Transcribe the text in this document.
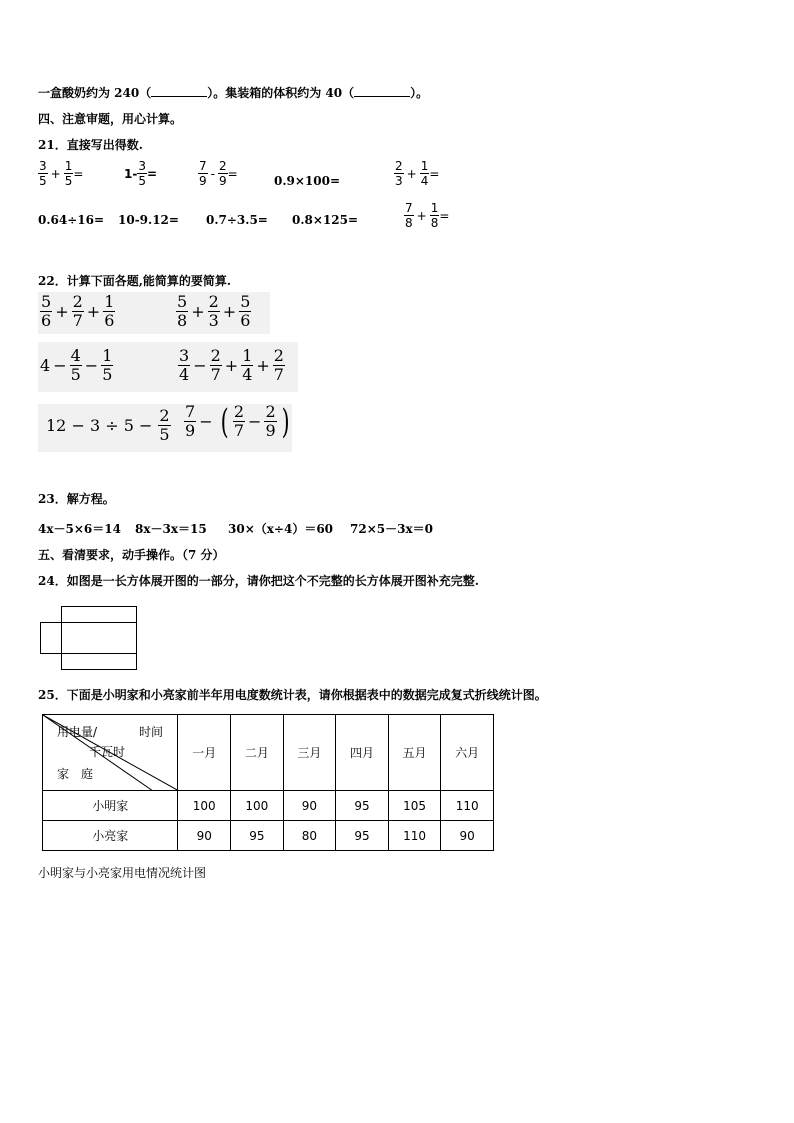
一盒酸奶约为 240（	）。集装箱的体积约为 40（	）。
四、注意审题，用心计算。
21．直接写出得数.
$\frac{3}{5} + \frac{1}{5}$ =	$1- \frac{3}{5}$ =	$\frac{7}{9} - \frac{2}{9}$ =
0.9×100=	$\frac{2}{3} + \frac{1}{4}$ =
0.64÷16= 10-9.12= 0.7÷3.5= 0.8×125=	$\frac{7}{8} + \frac{1}{8}$ =
22．计算下面各题,能简算的要简算.
$\frac{5}{6} + \frac{2}{7} + \frac{1}{6}$	$\frac{5}{8} + \frac{2}{3} + \frac{5}{6}$
$4 - \frac{4}{5} - \frac{1}{5}$	$\frac{3}{4} - \frac{2}{7} + \frac{1}{4} + \frac{2}{7}$
$12 - 3 \div 5 - \frac{2}{5} \frac{7}{9}$ − ( $\frac{2}{7} - \frac{2}{9}$ )
23．解方程。
4x－5×6＝14 8x－3x＝15 30×（x÷4）＝60 72×5－3x＝0
五、看清要求，动手操作。（7 分）
24．如图是一长方体展开图的一部分，请你把这个不完整的长方体展开图补充完整.
25．下面是小明家和小亮家前半年用电度数统计表，请你根据表中的数据完成复式折线统计图。
用电量/ 时间
千瓦时
家　庭	一月	二月	三月	四月	五月	六月
小明家	100	100	90	95	105	110
小亮家	90	95	80	95	110	90
小明家与小亮家用电情况统计图
